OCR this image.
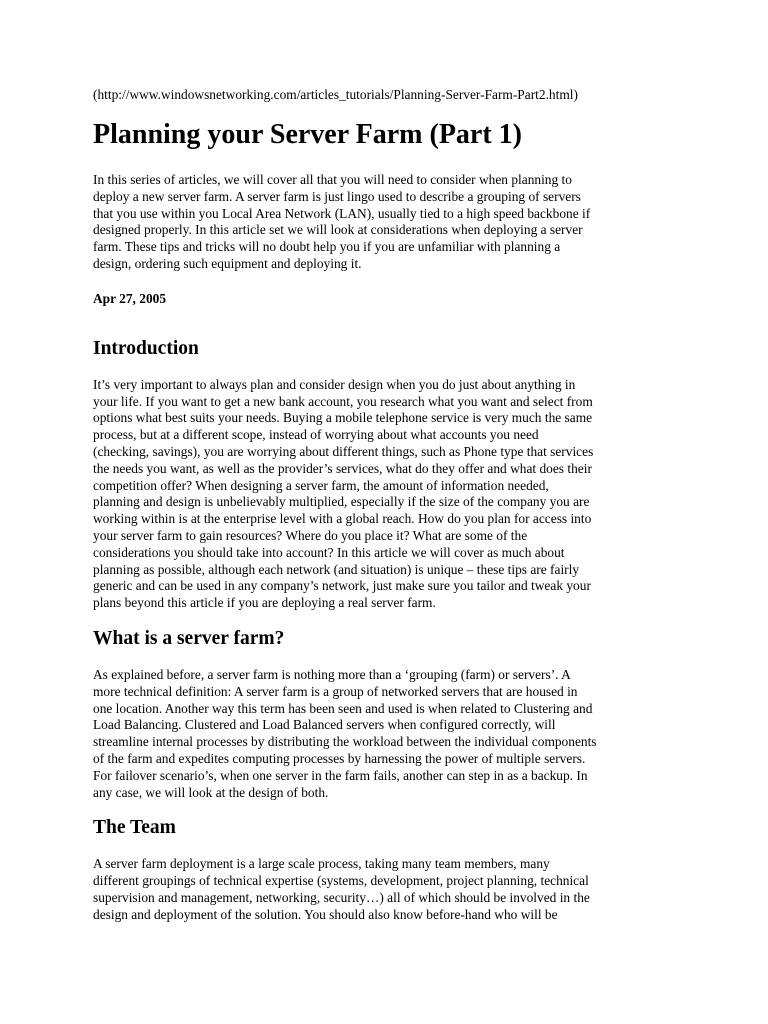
(http://www.windowsnetworking.com/articles_tutorials/Planning-Server-Farm-Part2.html)
Planning your Server Farm (Part 1)

In this series of articles, we will cover all that you will need to consider when planning to
deploy a new server farm. A server farm is just lingo used to describe a grouping of servers
that you use within you Local Area Network (LAN), usually tied to a high speed backbone if
designed properly. In this article set we will look at considerations when deploying a server
farm. These tips and tricks will no doubt help you if you are unfamiliar with planning a
design, ordering such equipment and deploying it.

Apr 27, 2005

Introduction

It’s very important to always plan and consider design when you do just about anything in
your life. If you want to get a new bank account, you research what you want and select from
options what best suits your needs. Buying a mobile telephone service is very much the same
process, but at a different scope, instead of worrying about what accounts you need
(checking, savings), you are worrying about different things, such as Phone type that services
the needs you want, as well as the provider’s services, what do they offer and what does their
competition offer? When designing a server farm, the amount of information needed,
planning and design is unbelievably multiplied, especially if the size of the company you are
working within is at the enterprise level with a global reach. How do you plan for access into
your server farm to gain resources? Where do you place it? What are some of the
considerations you should take into account? In this article we will cover as much about
planning as possible, although each network (and situation) is unique – these tips are fairly
generic and can be used in any company’s network, just make sure you tailor and tweak your
plans beyond this article if you are deploying a real server farm.

What is a server farm?

As explained before, a server farm is nothing more than a ‘grouping (farm) or servers’. A
more technical definition: A server farm is a group of networked servers that are housed in
one location. Another way this term has been seen and used is when related to Clustering and
Load Balancing. Clustered and Load Balanced servers when configured correctly, will
streamline internal processes by distributing the workload between the individual components
of the farm and expedites computing processes by harnessing the power of multiple servers.
For failover scenario’s, when one server in the farm fails, another can step in as a backup. In
any case, we will look at the design of both.

The Team

A server farm deployment is a large scale process, taking many team members, many
different groupings of technical expertise (systems, development, project planning, technical
supervision and management, networking, security…) all of which should be involved in the
design and deployment of the solution. You should also know before-hand who will be
